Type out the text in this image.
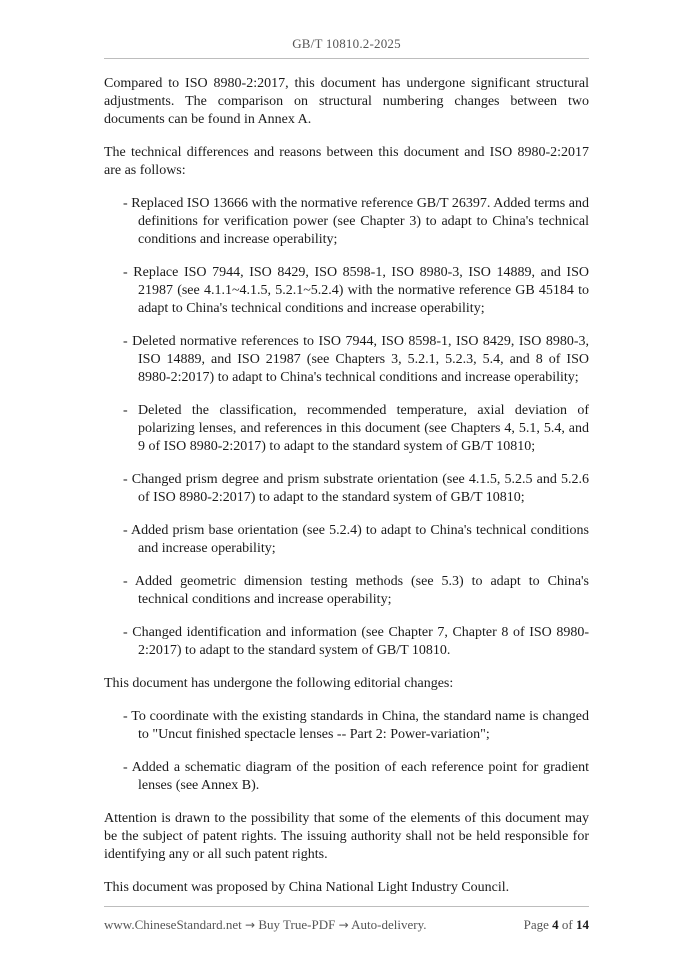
GB/T 10810.2-2025

Compared to ISO 8980-2:2017, this document has undergone significant structural adjustments. The comparison on structural numbering changes between two documents can be found in Annex A.

The technical differences and reasons between this document and ISO 8980-2:2017 are as follows:

- Replaced ISO 13666 with the normative reference GB/T 26397. Added terms and definitions for verification power (see Chapter 3) to adapt to China's technical conditions and increase operability;
- Replace ISO 7944, ISO 8429, ISO 8598-1, ISO 8980-3, ISO 14889, and ISO 21987 (see 4.1.1~4.1.5, 5.2.1~5.2.4) with the normative reference GB 45184 to adapt to China's technical conditions and increase operability;
- Deleted normative references to ISO 7944, ISO 8598-1, ISO 8429, ISO 8980-3, ISO 14889, and ISO 21987 (see Chapters 3, 5.2.1, 5.2.3, 5.4, and 8 of ISO 8980-2:2017) to adapt to China's technical conditions and increase operability;
- Deleted the classification, recommended temperature, axial deviation of polarizing lenses, and references in this document (see Chapters 4, 5.1, 5.4, and 9 of ISO 8980-2:2017) to adapt to the standard system of GB/T 10810;
- Changed prism degree and prism substrate orientation (see 4.1.5, 5.2.5 and 5.2.6 of ISO 8980-2:2017) to adapt to the standard system of GB/T 10810;
- Added prism base orientation (see 5.2.4) to adapt to China's technical conditions and increase operability;
- Added geometric dimension testing methods (see 5.3) to adapt to China's technical conditions and increase operability;
- Changed identification and information (see Chapter 7, Chapter 8 of ISO 8980-2:2017) to adapt to the standard system of GB/T 10810.

This document has undergone the following editorial changes:

- To coordinate with the existing standards in China, the standard name is changed to "Uncut finished spectacle lenses -- Part 2: Power-variation";
- Added a schematic diagram of the position of each reference point for gradient lenses (see Annex B).

Attention is drawn to the possibility that some of the elements of this document may be the subject of patent rights. The issuing authority shall not be held responsible for identifying any or all such patent rights.

This document was proposed by China National Light Industry Council.

www.ChineseStandard.net → Buy True-PDF → Auto-delivery.	Page 4 of 14
